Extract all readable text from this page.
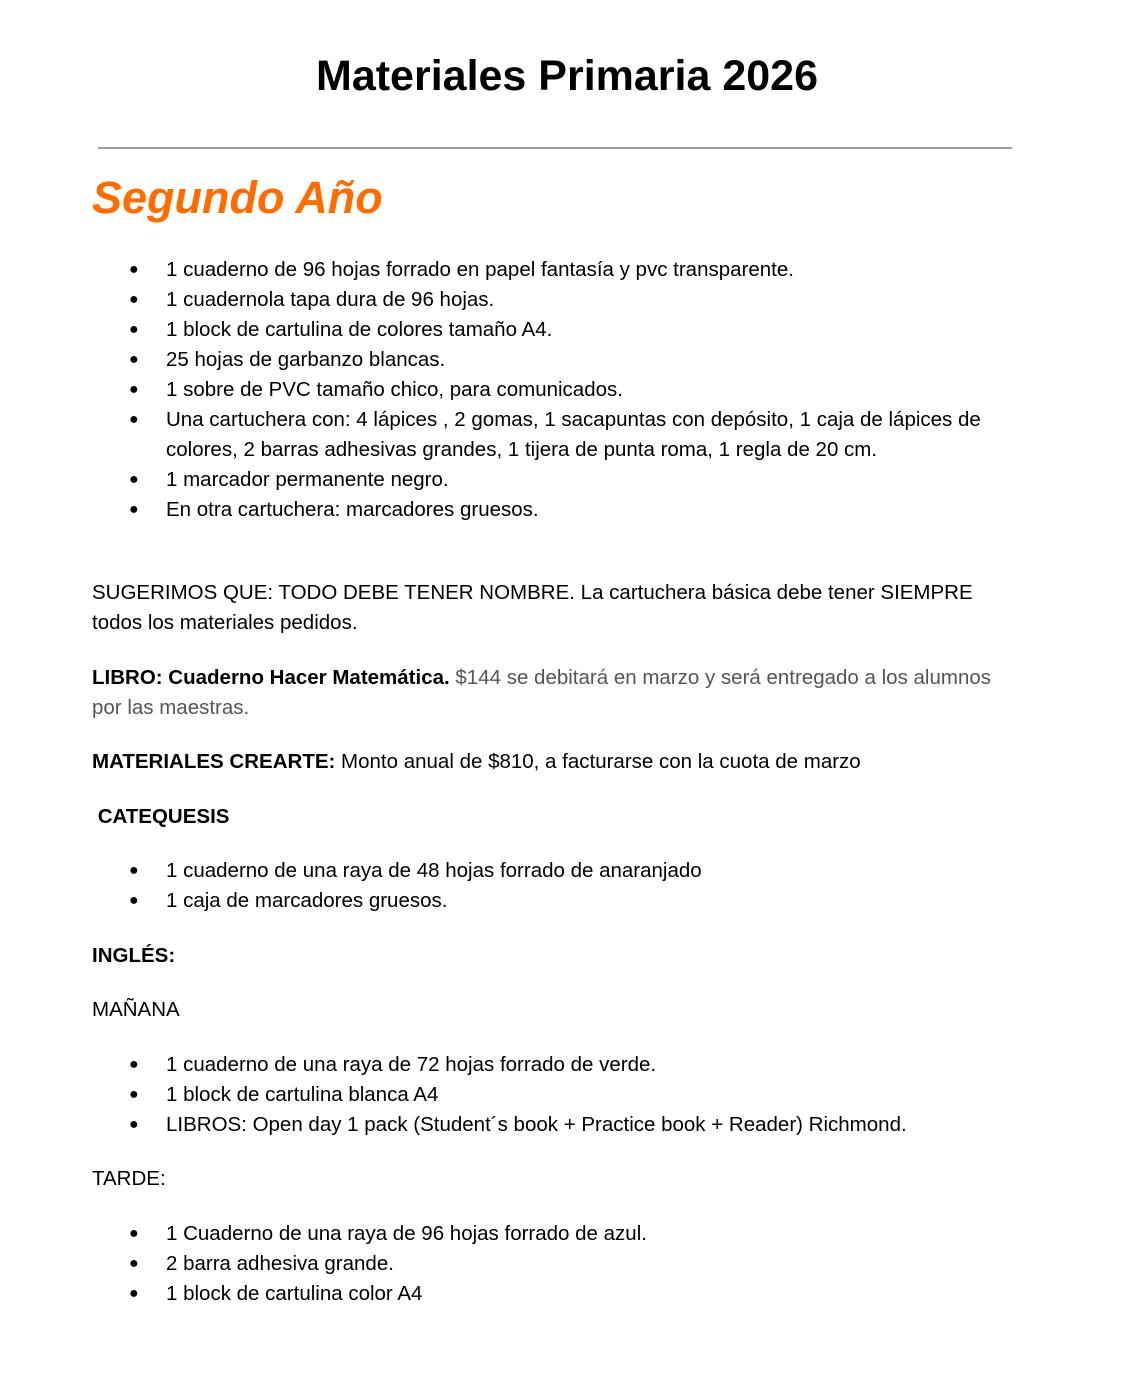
Materiales Primaria 2026
Segundo Año
● 1 cuaderno de 96 hojas forrado en papel fantasía y pvc transparente.
● 1 cuadernola tapa dura de 96 hojas.
● 1 block de cartulina de colores tamaño A4.
● 25 hojas de garbanzo blancas.
● 1 sobre de PVC tamaño chico, para comunicados.
● Una cartuchera con: 4 lápices , 2 gomas, 1 sacapuntas con depósito, 1 caja de lápices de colores, 2 barras adhesivas grandes, 1 tijera de punta roma, 1 regla de 20 cm.
● 1 marcador permanente negro.
● En otra cartuchera: marcadores gruesos.

SUGERIMOS QUE: TODO DEBE TENER NOMBRE. La cartuchera básica debe tener SIEMPRE todos los materiales pedidos.

LIBRO: Cuaderno Hacer Matemática. $144 se debitará en marzo y será entregado a los alumnos por las maestras.

MATERIALES CREARTE: Monto anual de $810, a facturarse con la cuota de marzo

CATEQUESIS

● 1 cuaderno de una raya de 48 hojas forrado de anaranjado
● 1 caja de marcadores gruesos.

INGLÉS:

MAÑANA

● 1 cuaderno de una raya de 72 hojas forrado de verde.
● 1 block de cartulina blanca A4
● LIBROS: Open day 1 pack (Student´s book + Practice book + Reader) Richmond.

TARDE:

● 1 Cuaderno de una raya de 96 hojas forrado de azul.
● 2 barra adhesiva grande.
● 1 block de cartulina color A4
